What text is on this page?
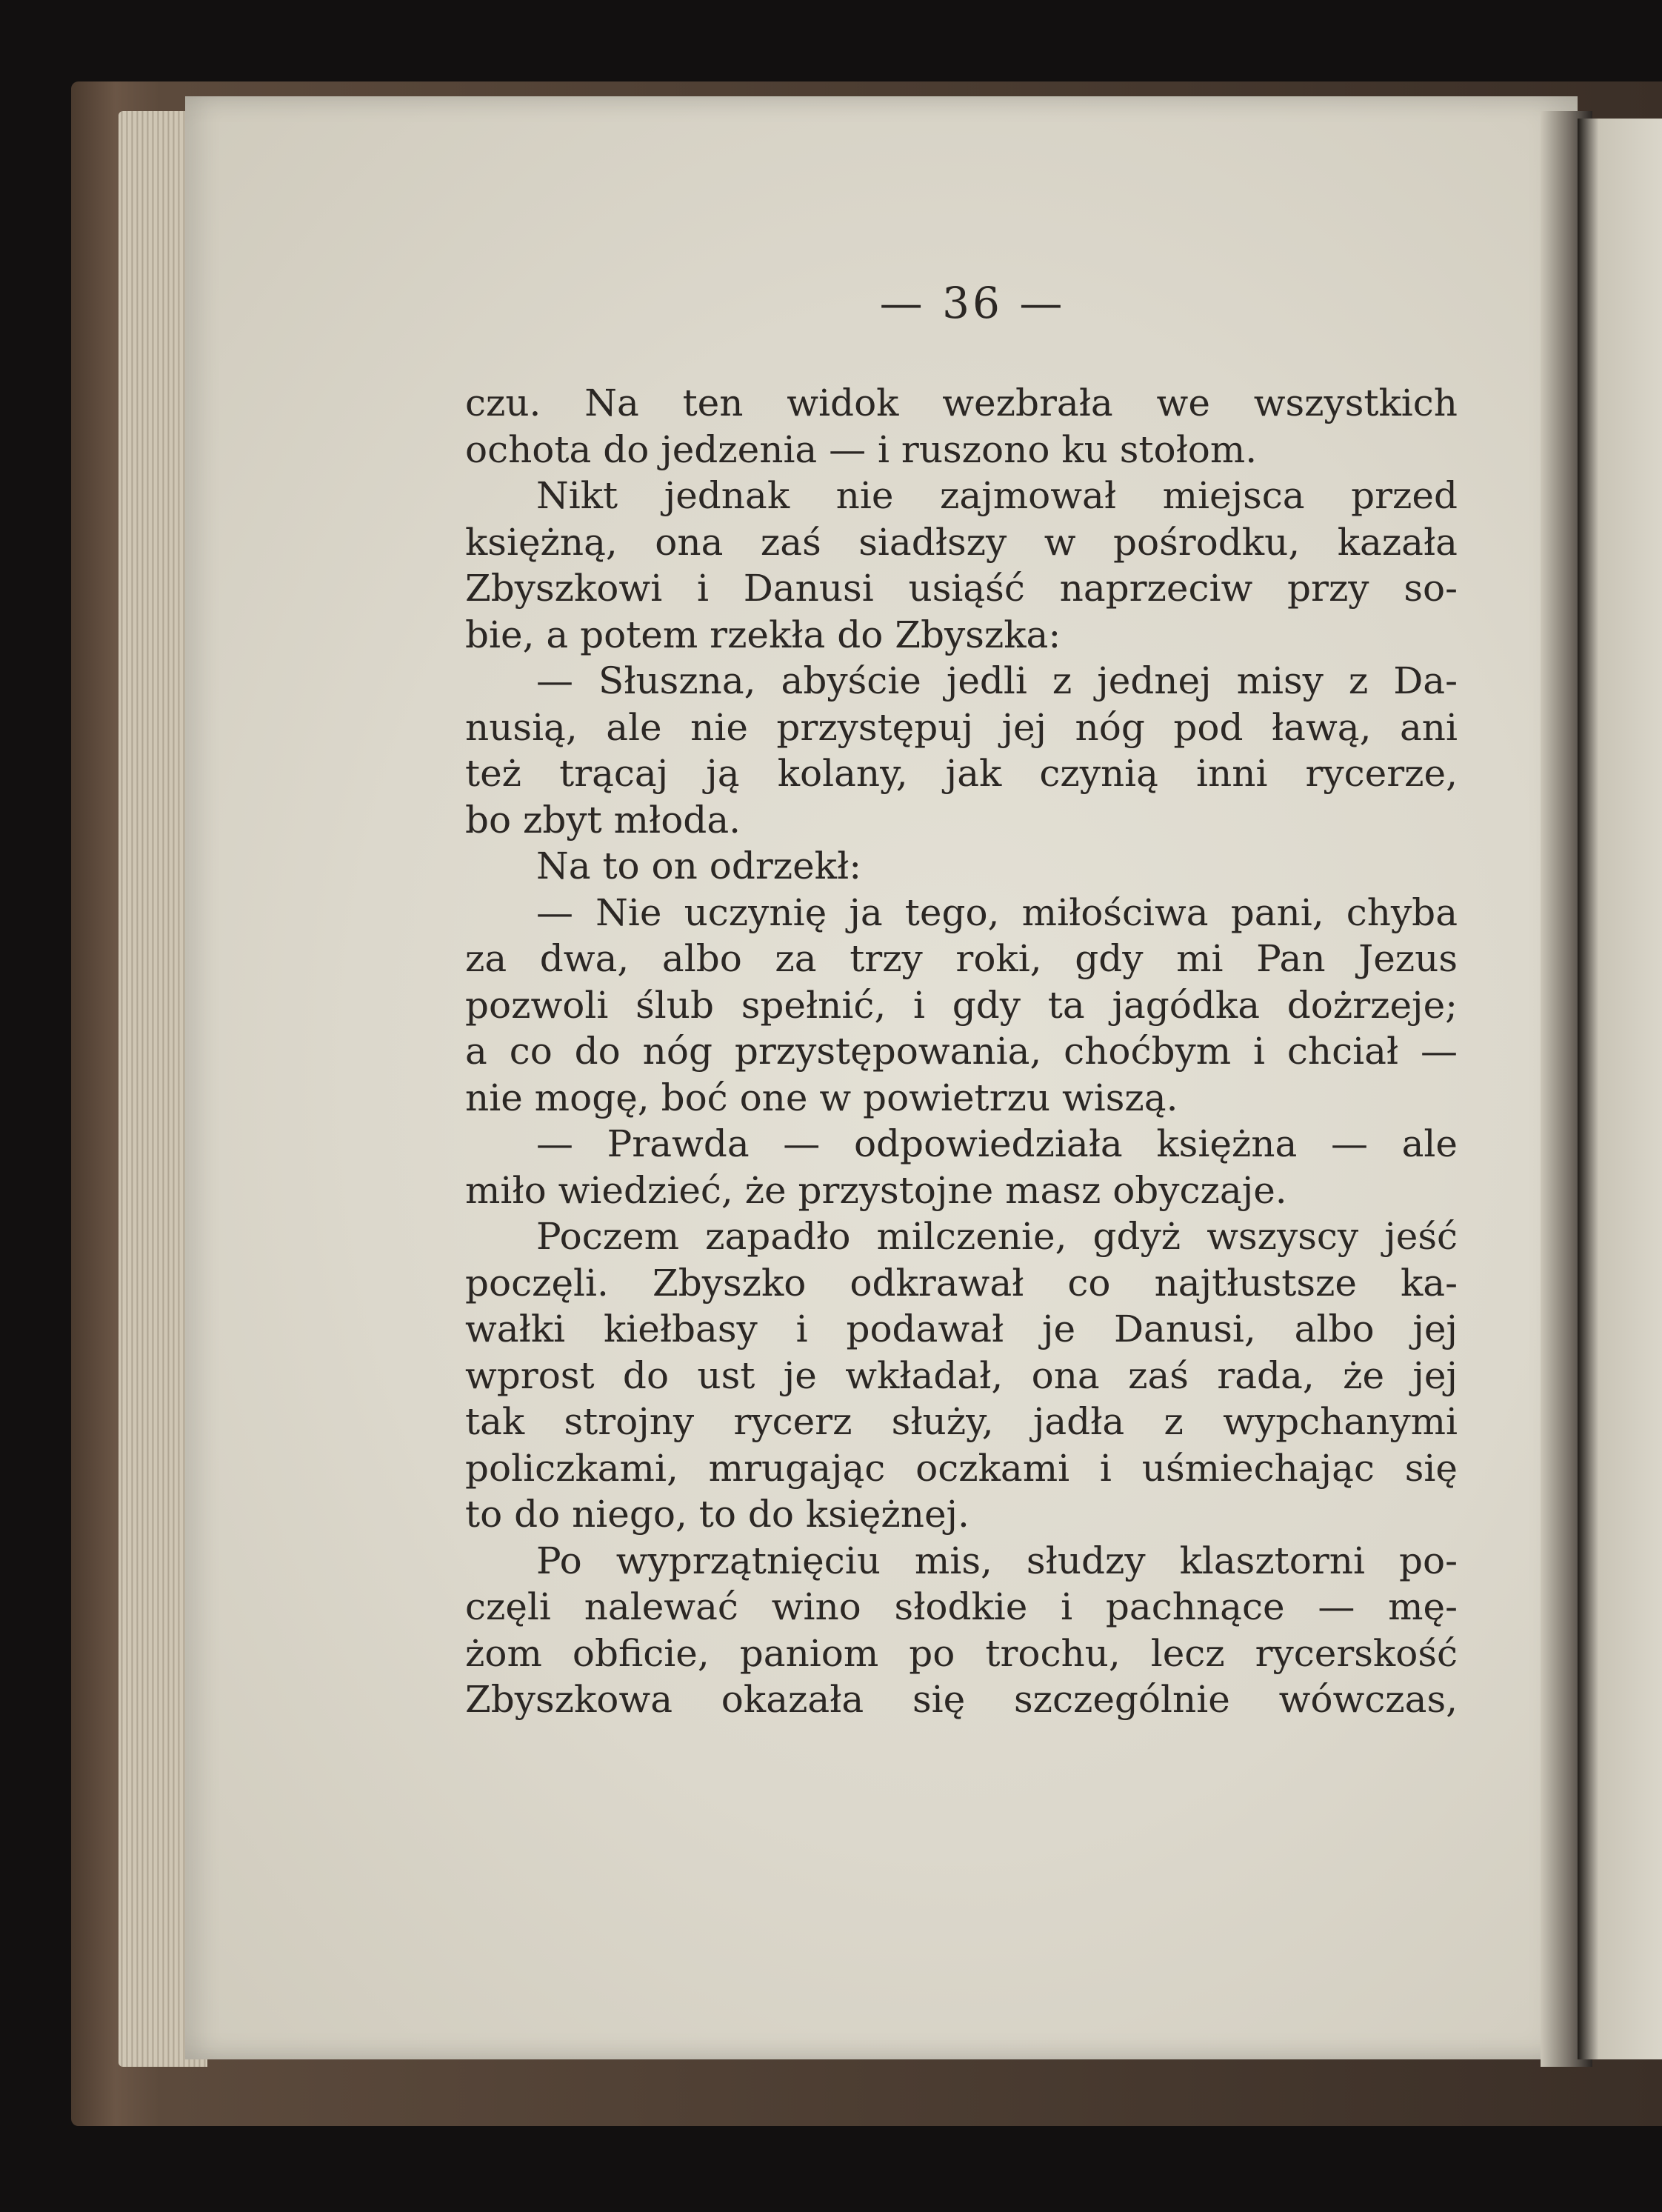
— 36 —
czu. Na ten widok wezbrała we wszystkich
ochota do jedzenia — i ruszono ku stołom.
Nikt jednak nie zajmował miejsca przed
księżną, ona zaś siadłszy w pośrodku, kazała
Zbyszkowi i Danusi usiąść naprzeciw przy so-
bie, a potem rzekła do Zbyszka:
— Słuszna, abyście jedli z jednej misy z Da-
nusią, ale nie przystępuj jej nóg pod ławą, ani
też trącaj ją kolany, jak czynią inni rycerze,
bo zbyt młoda.
Na to on odrzekł:
— Nie uczynię ja tego, miłościwa pani, chyba
za dwa, albo za trzy roki, gdy mi Pan Jezus
pozwoli ślub spełnić, i gdy ta jagódka dożrzeje;
a co do nóg przystępowania, choćbym i chciał —
nie mogę, boć one w powietrzu wiszą.
— Prawda — odpowiedziała księżna — ale
miło wiedzieć, że przystojne masz obyczaje.
Poczem zapadło milczenie, gdyż wszyscy jeść
poczęli. Zbyszko odkrawał co najtłustsze ka-
wałki kiełbasy i podawał je Danusi, albo jej
wprost do ust je wkładał, ona zaś rada, że jej
tak strojny rycerz służy, jadła z wypchanymi
policzkami, mrugając oczkami i uśmiechając się
to do niego, to do księżnej.
Po wyprzątnięciu mis, słudzy klasztorni po-
częli nalewać wino słodkie i pachnące — mę-
żom obficie, paniom po trochu, lecz rycerskość
Zbyszkowa okazała się szczególnie wówczas,
